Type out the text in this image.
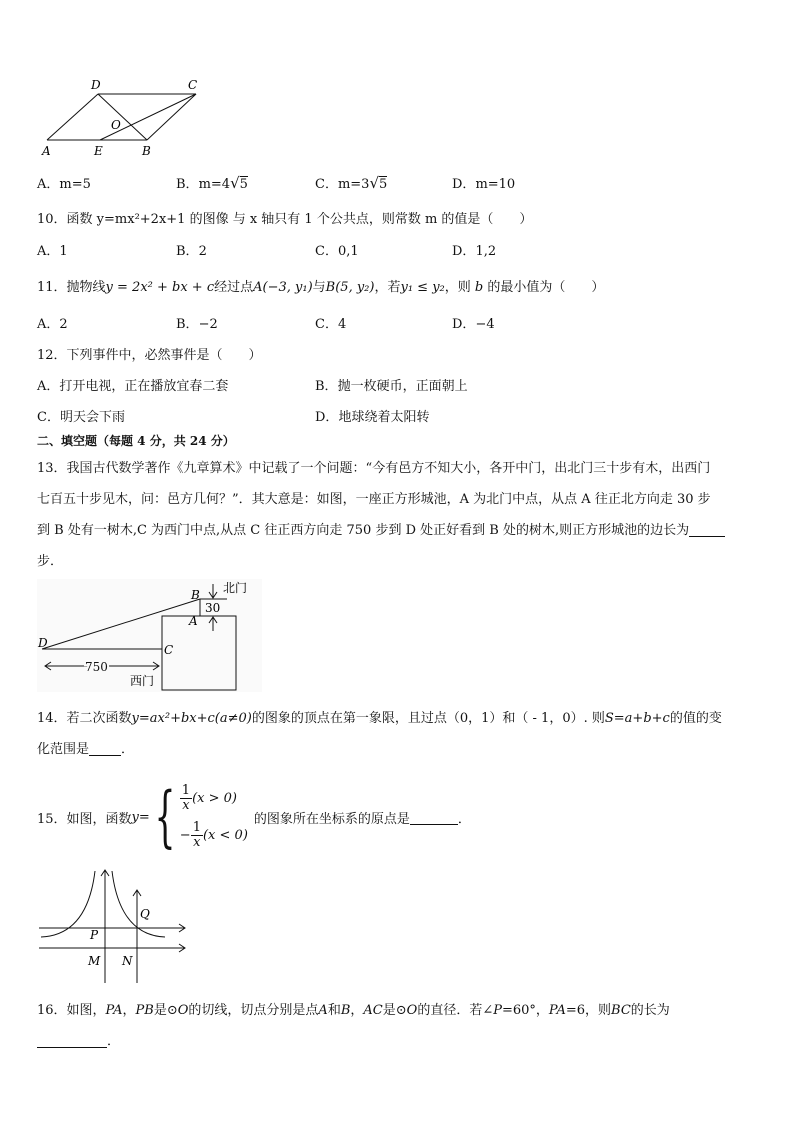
D	C
O
A	E	B
A．m=5	B．m=4√5	C．m=3√5	D．m=10
10．函数 y=mx²+2x+1 的图像 与 x 轴只有 1 个公共点，则常数 m 的值是（　　）
A．1	B．2	C．0,1	D．1,2
11．抛物线y = 2x² + bx + c经过点A(−3, y₁)与B(5, y₂)，若y₁ ≤ y₂，则 b 的最小值为（　　）
A．2	B．−2	C．4	D．−4
12．下列事件中，必然事件是（　　）
A．打开电视，正在播放宜春二套	B．抛一枚硬币，正面朝上
C．明天会下雨	D．地球绕着太阳转
二、填空题（每题 4 分，共 24 分）
13．我国古代数学著作《九章算术》中记载了一个问题：“今有邑方不知大小，各开中门，出北门三十步有木，出西门
七百五十步见木，问：邑方几何？”．其大意是：如图，一座正方形城池，A 为北门中点，从点 A 往正北方向走 30 步
到 B 处有一树木,C 为西门中点,从点 C 往正西方向走 750 步到 D 处正好看到 B 处的树木,则正方形城池的边长为
步．
B
A
C
D
北门
30
750
西门
14．若二次函数y=ax²+bx+c(a≠0)的图象的顶点在第一象限，且过点（0，1）和（ - 1，0）. 则S=a+b+c的值的变
化范围是 ．
15．如图，函数 y= { $\frac{1}{x} (x > 0)$
− $\frac{1}{x} (x < 0)$
的图象所在坐标系的原点是	．
Q
P
M N
16．如图，PA，PB是⊙O的切线，切点分别是点A和B，AC是⊙O的直径．若∠P=60°，PA=6，则BC的长为
．
